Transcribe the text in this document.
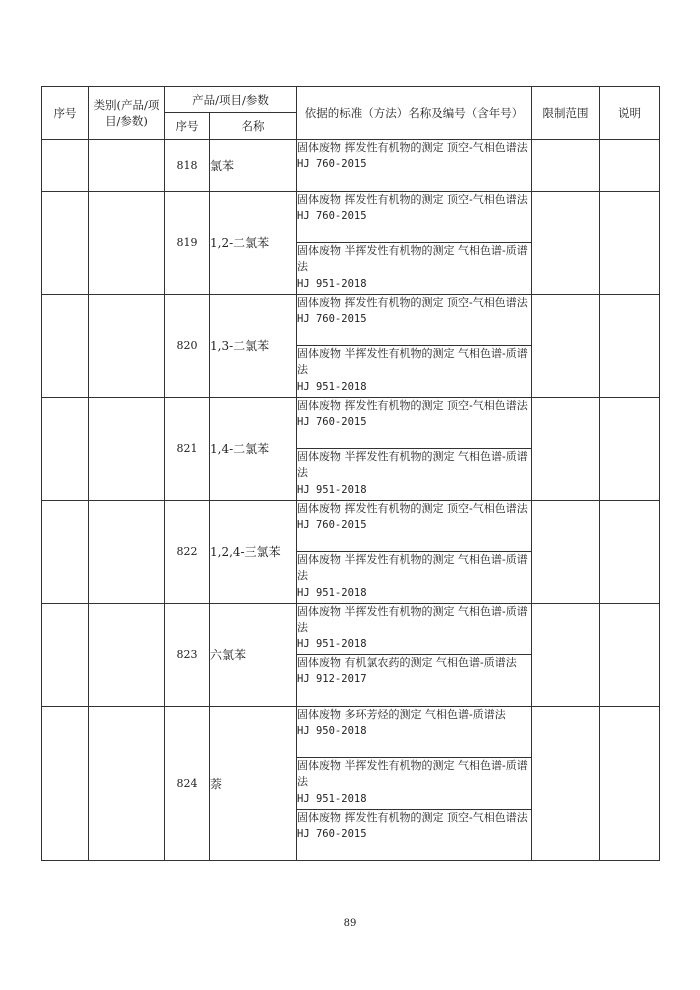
序号	类别(产品/项目/参数)	产品/项目/参数		依据的标准（方法）名称及编号（含年号）	限制范围	说明
		序号	名称			
		818	氯苯	固体废物 挥发性有机物的测定 顶空-气相色谱法
HJ 760-2015		

		819	1,2-二氯苯	固体废物 挥发性有机物的测定 顶空-气相色谱法
HJ 760-2015		

				固体废物 半挥发性有机物的测定 气相色谱-质谱法
HJ 951-2018		

		820	1,3-二氯苯	固体废物 挥发性有机物的测定 顶空-气相色谱法
HJ 760-2015		

				固体废物 半挥发性有机物的测定 气相色谱-质谱法
HJ 951-2018		

		821	1,4-二氯苯	固体废物 挥发性有机物的测定 顶空-气相色谱法
HJ 760-2015		

				固体废物 半挥发性有机物的测定 气相色谱-质谱法
HJ 951-2018		

		822	1,2,4-三氯苯	固体废物 挥发性有机物的测定 顶空-气相色谱法
HJ 760-2015		

				固体废物 半挥发性有机物的测定 气相色谱-质谱法
HJ 951-2018		

		823	六氯苯	固体废物 半挥发性有机物的测定 气相色谱-质谱法
HJ 951-2018		

				固体废物 有机氯农药的测定 气相色谱-质谱法
HJ 912-2017		

		824	萘	固体废物 多环芳烃的测定 气相色谱-质谱法
HJ 950-2018		

				固体废物 半挥发性有机物的测定 气相色谱-质谱法
HJ 951-2018		

				固体废物 挥发性有机物的测定 顶空-气相色谱法
HJ 760-2015		
89
